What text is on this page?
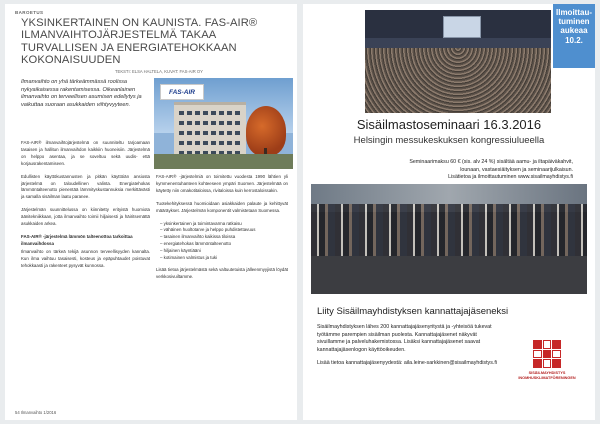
BAROETUS
YKSINKERTAINEN ON KAUNISTA. FAS-AIR® ILMANVAIHTOJÄRJESTELMÄ TAKAA TURVALLISEN JA ENERGIATEHOKKAAN KOKONAISUUDEN
TEKSTI: ELSA HALTELA, KUVAT: FAS-AIR OY
Ilmanvaihto on yhä tärkeämmässä roolissa nykyaikaisessa rakentamisessa. Oikeanlainen ilmanvaihto on terveellisen asumisen edellytys ja vaikuttaa suoraan asukkaiden viihtyvyyteen.
FAS-AIR

FAS-AIR® ilmanvaihtojärjestelmä on suunniteltu tarjoamaan tasaisen ja hallitun ilmanvaihdon kaikkiin huoneisiin. Järjestelmä on helppo asentaa, ja se soveltuu sekä uudis- että korjausrakentamiseen.

Edullisten käyttökustannusten ja pitkän käyttöiän ansiosta järjestelmä on taloudellinen valinta. Energiatehokas lämmöntalteenotto pienentää lämmityskustannuksia merkittävästi ja samalla sisäilman laatu paranee.

Järjestelmän suunnittelussa on kiinnitetty erityistä huomiota äänitekniikkaan, jotta ilmanvaihto toimii hiljaisesti ja häiritsemättä asukkaiden arkea.

FAS-AIR® -järjestelmä lämmön talteenottoa tarkoittaa ilmanvaihdossa

Ilmanvaihto on tärkeä tekijä asunnon terveellisyyden kannalta. Kun ilma vaihtuu tasaisesti, kosteus ja epäpuhtaudet poistuvat tehokkaasti ja rakenteet pysyvät kunnossa.

FAS-AIR® -järjestelmiä on toimitettu vuodesta 1990 lähtien yli kymmenentuhanteen kohteeseen ympäri Suomen. Järjestelmää on käytetty niin omakotitaloissa, rivitaloissa kuin kerrostaloissakin.

Tuotekehityksessä huomioidaan asiakkaiden palaute ja kehittyvät määräykset. Järjestelmän komponentit valmistetaan Suomessa.

– yksinkertainen ja toimintavarma ratkaisu
– vähäinen huoltotarve ja helppo puhdistettavuus
– tasainen ilmanvaihto kaikissa tiloissa
– energiatehokas lämmöntalteenotto
– hiljainen käyntiääni
– kotimainen valmistus ja tuki

Lisää tietoa järjestelmästä sekä valtuutetuista jälleenmyyjistä löydät verkkosivuiltamme.

54 Ilmanvaihto 1/2016
Ilmoittau-tuminen aukeaa 10.2.
Sisäilmastoseminaari 16.3.2016
Helsingin messukeskuksen kongressiulueella
Seminaarimaksu 60 € (sis. alv 24 %) sisältää aamu- ja iltapäiväkahvit,
lounaan, vastaesiäityksen ja seminaarijulkaisun.
Lisätietoa ja ilmoittautuminen www.sisailmayhdistys.fi
Liity Sisäilmayhdistyksen kannattajajäseneksi

Sisäilmayhdistyksen lähes 200 kannattajajäsenyritystä ja -yhteisöä tukevat työtämme parempien sisäilman puolesta. Kannattajajäsenet näkyvät sivuillamme ja palveluhakemistossa. Lisäksi kannattajajäsenet saavat kannattajajäsenlogon käyttöoikeuden.

Lisää tietoa kannattajajäsenyydestä: aila.leine-sarkkinen@sisailmayhdistys.fi

SISÄILMAYHDISTYS
INOMHUSKLIMATFÖRENINGEN
